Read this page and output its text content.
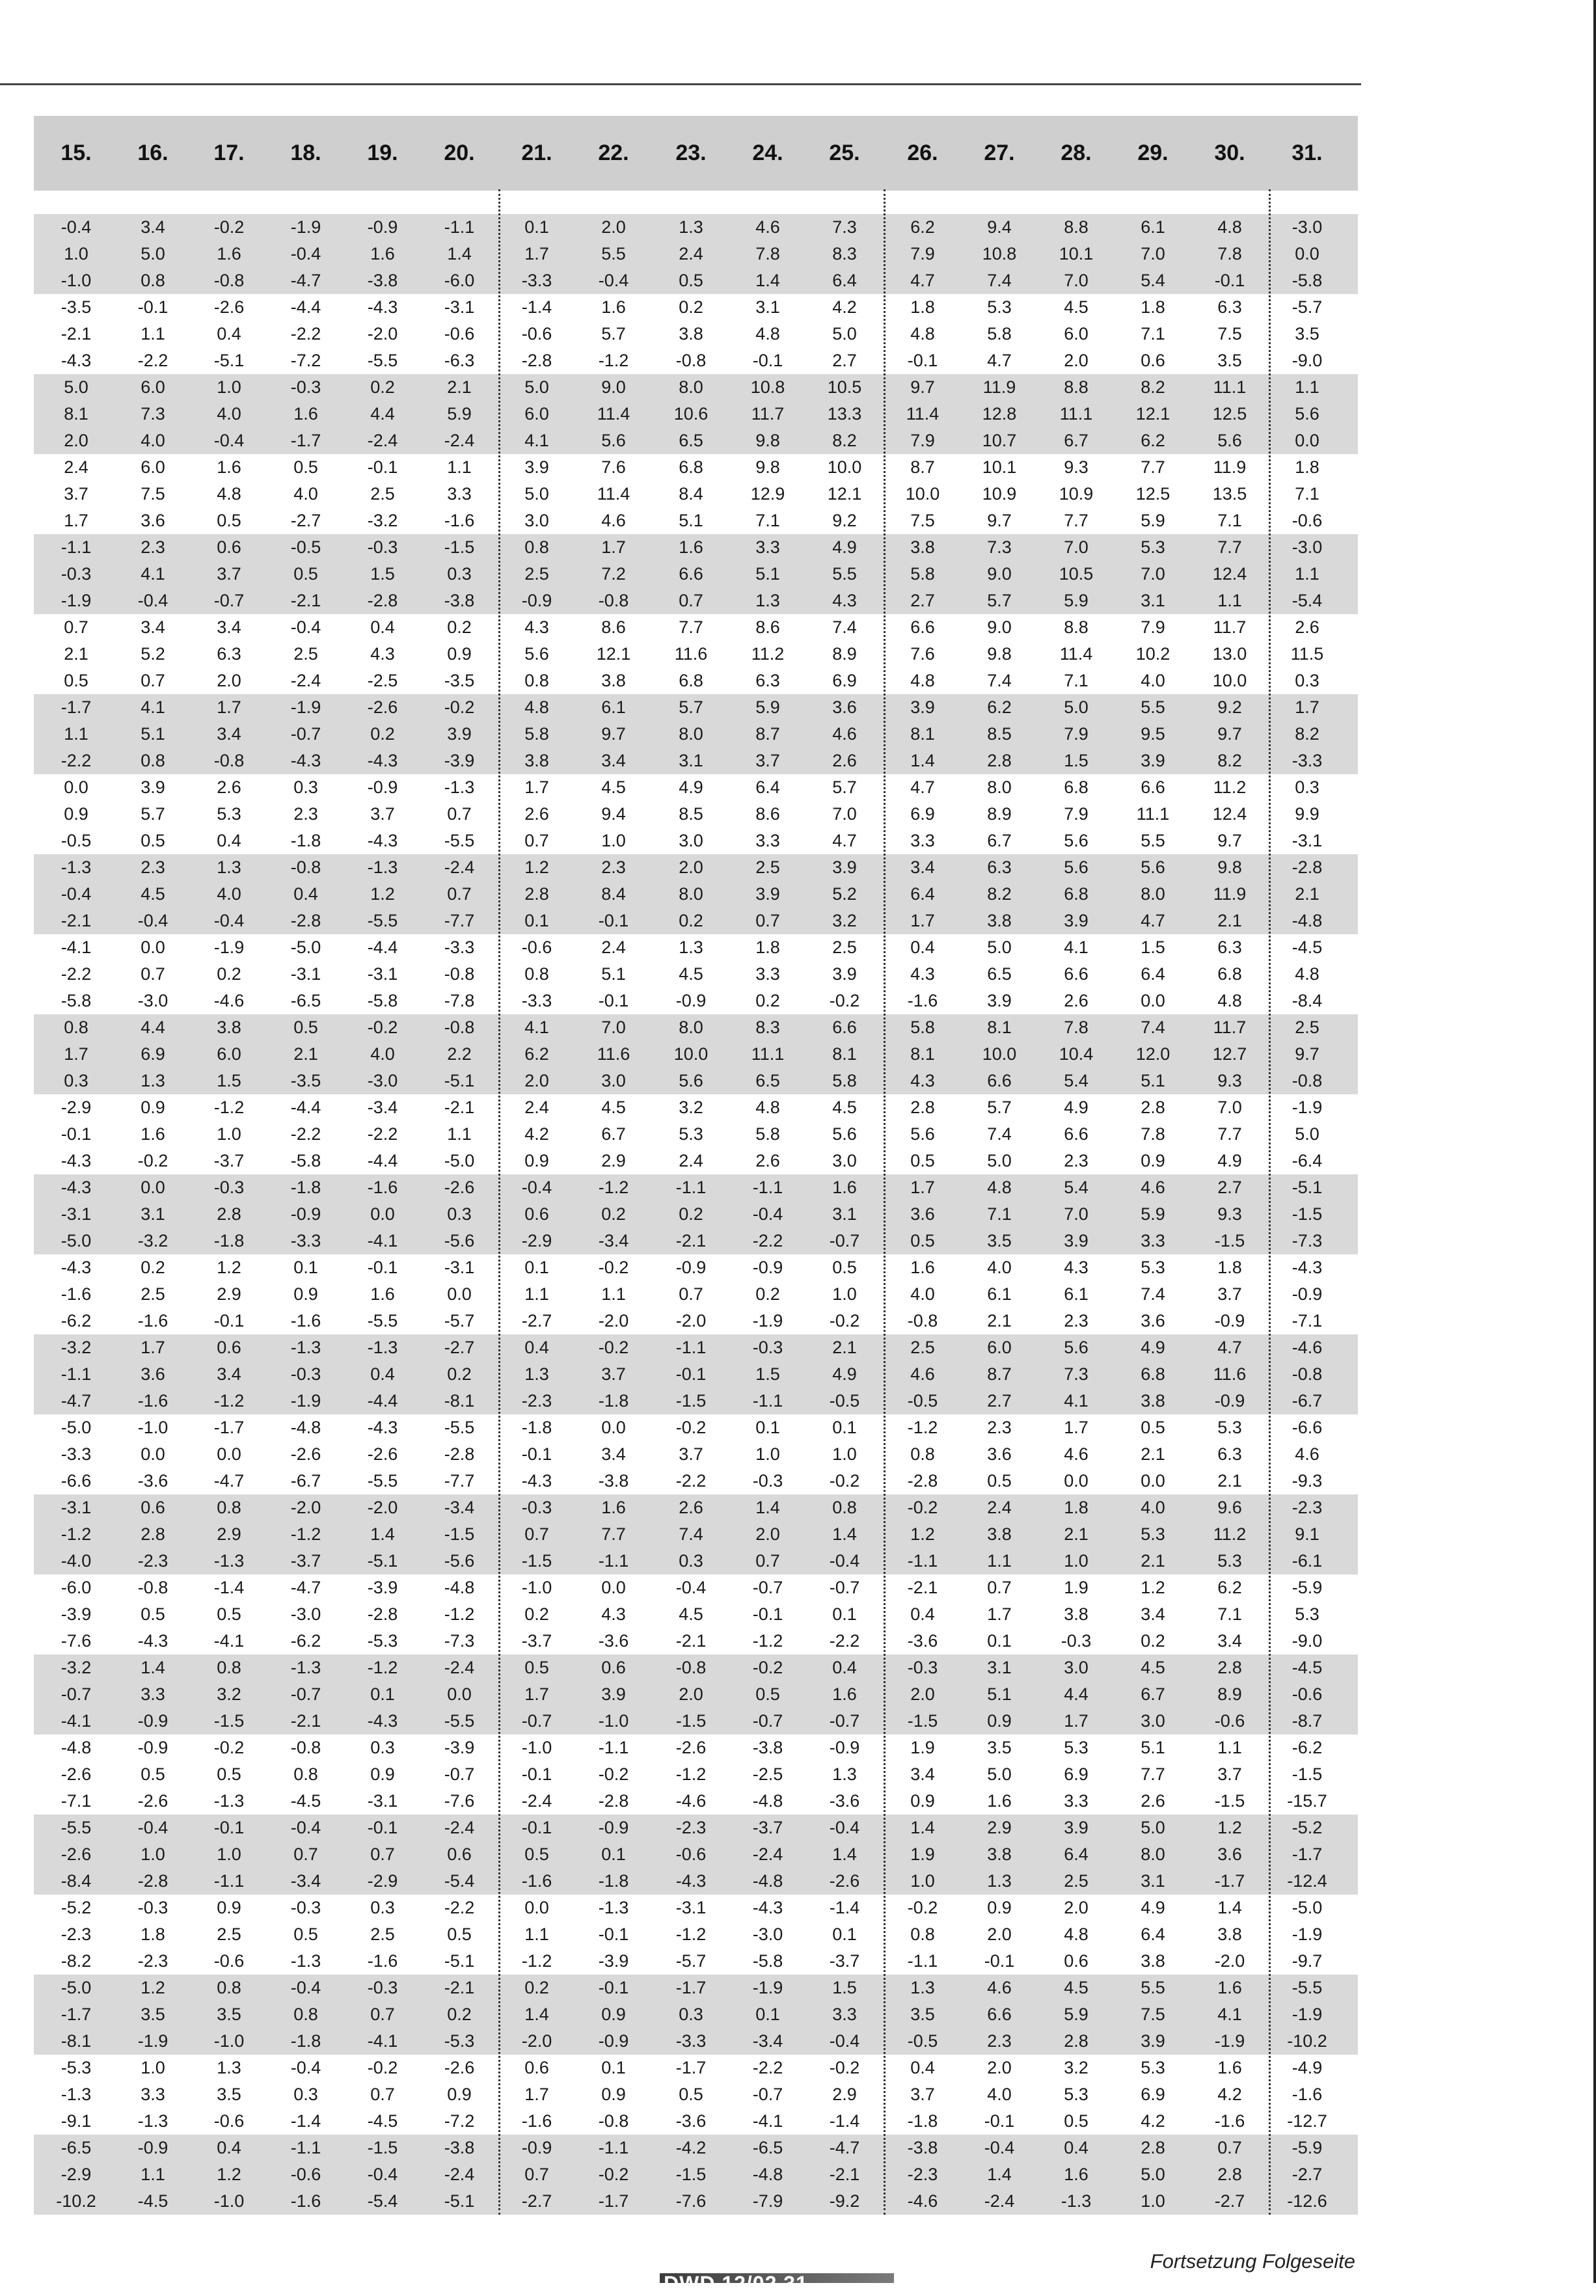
15. 16. 17. 18. 19. 20. 21. 22. 23. 24. 25. 26. 27. 28. 29. 30. 31.
-0.4	3.4	-0.2	-1.9	-0.9	-1.1	0.1	2.0	1.3	4.6	7.3	6.2	9.4	8.8	6.1	4.8	-3.0
1.0	5.0	1.6	-0.4	1.6	1.4	1.7	5.5	2.4	7.8	8.3	7.9	10.8 10.1	7.0	7.8	0.0
-1.0	0.8	-0.8	-4.7	-3.8	-6.0	-3.3	-0.4	0.5	1.4	6.4	4.7	7.4	7.0	5.4	-0.1	-5.8
-3.5	-0.1	-2.6	-4.4	-4.3	-3.1	-1.4	1.6	0.2	3.1	4.2	1.8	5.3	4.5	1.8	6.3	-5.7
-2.1	1.1	0.4	-2.2	-2.0	-0.6	-0.6	5.7	3.8	4.8	5.0	4.8	5.8	6.0	7.1	7.5	3.5
-4.3	-2.2	-5.1	-7.2	-5.5	-6.3	-2.8	-1.2	-0.8	-0.1	2.7	-0.1	4.7	2.0	0.6	3.5	-9.0
5.0	6.0	1.0	-0.3	0.2	2.1	5.0	9.0	8.0	10.8 10.5	9.7	11.9	8.8	8.2	11.1	1.1
8.1	7.3	4.0	1.6	4.4	5.9	6.0	11.4 10.6 11.7 13.3	11.4 12.8 11.1 12.1 12.5	5.6
2.0	4.0	-0.4	-1.7	-2.4	-2.4	4.1	5.6	6.5	9.8	8.2	7.9	10.7	6.7	6.2	5.6	0.0
2.4	6.0	1.6	0.5	-0.1	1.1	3.9	7.6	6.8	9.8	10.0	8.7	10.1	9.3	7.7	11.9	1.8
3.7	7.5	4.8	4.0	2.5	3.3	5.0	11.4	8.4	12.9 12.1 10.0 10.9 10.9 12.5 13.5	7.1
1.7	3.6	0.5	-2.7	-3.2	-1.6	3.0	4.6	5.1	7.1	9.2	7.5	9.7	7.7	5.9	7.1	-0.6
-1.1	2.3	0.6	-0.5	-0.3	-1.5	0.8	1.7	1.6	3.3	4.9	3.8	7.3	7.0	5.3	7.7	-3.0
-0.3	4.1	3.7	0.5	1.5	0.3	2.5	7.2	6.6	5.1	5.5	5.8	9.0	10.5	7.0	12.4	1.1
-1.9	-0.4	-0.7	-2.1	-2.8	-3.8	-0.9	-0.8	0.7	1.3	4.3	2.7	5.7	5.9	3.1	1.1	-5.4
0.7	3.4	3.4	-0.4	0.4	0.2	4.3	8.6	7.7	8.6	7.4	6.6	9.0	8.8	7.9	11.7	2.6
2.1	5.2	6.3	2.5	4.3	0.9	5.6	12.1 11.6 11.2	8.9	7.6	9.8	11.4 10.2 13.0 11.5
0.5	0.7	2.0	-2.4	-2.5	-3.5	0.8	3.8	6.8	6.3	6.9	4.8	7.4	7.1	4.0	10.0	0.3
-1.7	4.1	1.7	-1.9	-2.6	-0.2	4.8	6.1	5.7	5.9	3.6	3.9	6.2	5.0	5.5	9.2	1.7
1.1	5.1	3.4	-0.7	0.2	3.9	5.8	9.7	8.0	8.7	4.6	8.1	8.5	7.9	9.5	9.7	8.2
-2.2	0.8	-0.8	-4.3	-4.3	-3.9	3.8	3.4	3.1	3.7	2.6	1.4	2.8	1.5	3.9	8.2	-3.3
0.0	3.9	2.6	0.3	-0.9	-1.3	1.7	4.5	4.9	6.4	5.7	4.7	8.0	6.8	6.6	11.2	0.3
0.9	5.7	5.3	2.3	3.7	0.7	2.6	9.4	8.5	8.6	7.0	6.9	8.9	7.9	11.1 12.4	9.9
-0.5	0.5	0.4	-1.8	-4.3	-5.5	0.7	1.0	3.0	3.3	4.7	3.3	6.7	5.6	5.5	9.7	-3.1
-1.3	2.3	1.3	-0.8	-1.3	-2.4	1.2	2.3	2.0	2.5	3.9	3.4	6.3	5.6	5.6	9.8	-2.8
-0.4	4.5	4.0	0.4	1.2	0.7	2.8	8.4	8.0	3.9	5.2	6.4	8.2	6.8	8.0	11.9	2.1
-2.1	-0.4	-0.4	-2.8	-5.5	-7.7	0.1	-0.1	0.2	0.7	3.2	1.7	3.8	3.9	4.7	2.1	-4.8
-4.1	0.0	-1.9	-5.0	-4.4	-3.3	-0.6	2.4	1.3	1.8	2.5	0.4	5.0	4.1	1.5	6.3	-4.5
-2.2	0.7	0.2	-3.1	-3.1	-0.8	0.8	5.1	4.5	3.3	3.9	4.3	6.5	6.6	6.4	6.8	4.8
-5.8	-3.0	-4.6	-6.5	-5.8	-7.8	-3.3	-0.1	-0.9	0.2	-0.2	-1.6	3.9	2.6	0.0	4.8	-8.4
0.8	4.4	3.8	0.5	-0.2	-0.8	4.1	7.0	8.0	8.3	6.6	5.8	8.1	7.8	7.4	11.7	2.5
1.7	6.9	6.0	2.1	4.0	2.2	6.2	11.6 10.0 11.1	8.1	8.1	10.0 10.4 12.0 12.7	9.7
0.3	1.3	1.5	-3.5	-3.0	-5.1	2.0	3.0	5.6	6.5	5.8	4.3	6.6	5.4	5.1	9.3	-0.8
-2.9	0.9	-1.2	-4.4	-3.4	-2.1	2.4	4.5	3.2	4.8	4.5	2.8	5.7	4.9	2.8	7.0	-1.9
-0.1	1.6	1.0	-2.2	-2.2	1.1	4.2	6.7	5.3	5.8	5.6	5.6	7.4	6.6	7.8	7.7	5.0
-4.3	-0.2	-3.7	-5.8	-4.4	-5.0	0.9	2.9	2.4	2.6	3.0	0.5	5.0	2.3	0.9	4.9	-6.4
-4.3	0.0	-0.3	-1.8	-1.6	-2.6	-0.4	-1.2	-1.1	-1.1	1.6	1.7	4.8	5.4	4.6	2.7	-5.1
-3.1	3.1	2.8	-0.9	0.0	0.3	0.6	0.2	0.2	-0.4	3.1	3.6	7.1	7.0	5.9	9.3	-1.5
-5.0	-3.2	-1.8	-3.3	-4.1	-5.6	-2.9	-3.4	-2.1	-2.2	-0.7	0.5	3.5	3.9	3.3	-1.5	-7.3
-4.3	0.2	1.2	0.1	-0.1	-3.1	0.1	-0.2	-0.9	-0.9	0.5	1.6	4.0	4.3	5.3	1.8	-4.3
-1.6	2.5	2.9	0.9	1.6	0.0	1.1	1.1	0.7	0.2	1.0	4.0	6.1	6.1	7.4	3.7	-0.9
-6.2	-1.6	-0.1	-1.6	-5.5	-5.7	-2.7	-2.0	-2.0	-1.9	-0.2	-0.8	2.1	2.3	3.6	-0.9	-7.1
-3.2	1.7	0.6	-1.3	-1.3	-2.7	0.4	-0.2	-1.1	-0.3	2.1	2.5	6.0	5.6	4.9	4.7	-4.6
-1.1	3.6	3.4	-0.3	0.4	0.2	1.3	3.7	-0.1	1.5	4.9	4.6	8.7	7.3	6.8	11.6	-0.8
-4.7	-1.6	-1.2	-1.9	-4.4	-8.1	-2.3	-1.8	-1.5	-1.1	-0.5	-0.5	2.7	4.1	3.8	-0.9	-6.7
-5.0	-1.0	-1.7	-4.8	-4.3	-5.5	-1.8	0.0	-0.2	0.1	0.1	-1.2	2.3	1.7	0.5	5.3	-6.6
-3.3	0.0	0.0	-2.6	-2.6	-2.8	-0.1	3.4	3.7	1.0	1.0	0.8	3.6	4.6	2.1	6.3	4.6
-6.6	-3.6	-4.7	-6.7	-5.5	-7.7	-4.3	-3.8	-2.2	-0.3	-0.2	-2.8	0.5	0.0	0.0	2.1	-9.3
-3.1	0.6	0.8	-2.0	-2.0	-3.4	-0.3	1.6	2.6	1.4	0.8	-0.2	2.4	1.8	4.0	9.6	-2.3
-1.2	2.8	2.9	-1.2	1.4	-1.5	0.7	7.7	7.4	2.0	1.4	1.2	3.8	2.1	5.3	11.2	9.1
-4.0	-2.3	-1.3	-3.7	-5.1	-5.6	-1.5	-1.1	0.3	0.7	-0.4	-1.1	1.1	1.0	2.1	5.3	-6.1
-6.0	-0.8	-1.4	-4.7	-3.9	-4.8	-1.0	0.0	-0.4	-0.7	-0.7	-2.1	0.7	1.9	1.2	6.2	-5.9
-3.9	0.5	0.5	-3.0	-2.8	-1.2	0.2	4.3	4.5	-0.1	0.1	0.4	1.7	3.8	3.4	7.1	5.3
-7.6	-4.3	-4.1	-6.2	-5.3	-7.3	-3.7	-3.6	-2.1	-1.2	-2.2	-3.6	0.1	-0.3	0.2	3.4	-9.0
-3.2	1.4	0.8	-1.3	-1.2	-2.4	0.5	0.6	-0.8	-0.2	0.4	-0.3	3.1	3.0	4.5	2.8	-4.5
-0.7	3.3	3.2	-0.7	0.1	0.0	1.7	3.9	2.0	0.5	1.6	2.0	5.1	4.4	6.7	8.9	-0.6
-4.1	-0.9	-1.5	-2.1	-4.3	-5.5	-0.7	-1.0	-1.5	-0.7	-0.7	-1.5	0.9	1.7	3.0	-0.6	-8.7
-4.8	-0.9	-0.2	-0.8	0.3	-3.9	-1.0	-1.1	-2.6	-3.8	-0.9	1.9	3.5	5.3	5.1	1.1	-6.2
-2.6	0.5	0.5	0.8	0.9	-0.7	-0.1	-0.2	-1.2	-2.5	1.3	3.4	5.0	6.9	7.7	3.7	-1.5
-7.1	-2.6	-1.3	-4.5	-3.1	-7.6	-2.4	-2.8	-4.6	-4.8	-3.6	0.9	1.6	3.3	2.6	-1.5 -15.7
-5.5	-0.4	-0.1	-0.4	-0.1	-2.4	-0.1	-0.9	-2.3	-3.7	-0.4	1.4	2.9	3.9	5.0	1.2	-5.2
-2.6	1.0	1.0	0.7	0.7	0.6	0.5	0.1	-0.6	-2.4	1.4	1.9	3.8	6.4	8.0	3.6	-1.7
-8.4	-2.8	-1.1	-3.4	-2.9	-5.4	-1.6	-1.8	-4.3	-4.8	-2.6	1.0	1.3	2.5	3.1	-1.7 -12.4
-5.2	-0.3	0.9	-0.3	0.3	-2.2	0.0	-1.3	-3.1	-4.3	-1.4	-0.2	0.9	2.0	4.9	1.4	-5.0
-2.3	1.8	2.5	0.5	2.5	0.5	1.1	-0.1	-1.2	-3.0	0.1	0.8	2.0	4.8	6.4	3.8	-1.9
-8.2	-2.3	-0.6	-1.3	-1.6	-5.1	-1.2	-3.9	-5.7	-5.8	-3.7	-1.1	-0.1	0.6	3.8	-2.0	-9.7
-5.0	1.2	0.8	-0.4	-0.3	-2.1	0.2	-0.1	-1.7	-1.9	1.5	1.3	4.6	4.5	5.5	1.6	-5.5
-1.7	3.5	3.5	0.8	0.7	0.2	1.4	0.9	0.3	0.1	3.3	3.5	6.6	5.9	7.5	4.1	-1.9
-8.1	-1.9	-1.0	-1.8	-4.1	-5.3	-2.0	-0.9	-3.3	-3.4	-0.4	-0.5	2.3	2.8	3.9	-1.9 -10.2
-5.3	1.0	1.3	-0.4	-0.2	-2.6	0.6	0.1	-1.7	-2.2	-0.2	0.4	2.0	3.2	5.3	1.6	-4.9
-1.3	3.3	3.5	0.3	0.7	0.9	1.7	0.9	0.5	-0.7	2.9	3.7	4.0	5.3	6.9	4.2	-1.6
-9.1	-1.3	-0.6	-1.4	-4.5	-7.2	-1.6	-0.8	-3.6	-4.1	-1.4	-1.8	-0.1	0.5	4.2	-1.6 -12.7
-6.5	-0.9	0.4	-1.1	-1.5	-3.8	-0.9	-1.1	-4.2	-6.5	-4.7	-3.8	-0.4	0.4	2.8	0.7	-5.9
-2.9	1.1	1.2	-0.6	-0.4	-2.4	0.7	-0.2	-1.5	-4.8	-2.1	-2.3	1.4	1.6	5.0	2.8	-2.7
-10.2 -4.5	-1.0	-1.6	-5.4	-5.1	-2.7	-1.7	-7.6	-7.9	-9.2	-4.6	-2.4	-1.3	1.0	-2.7 -12.6
Fortsetzung Folgeseite
DWD 12/02 31
